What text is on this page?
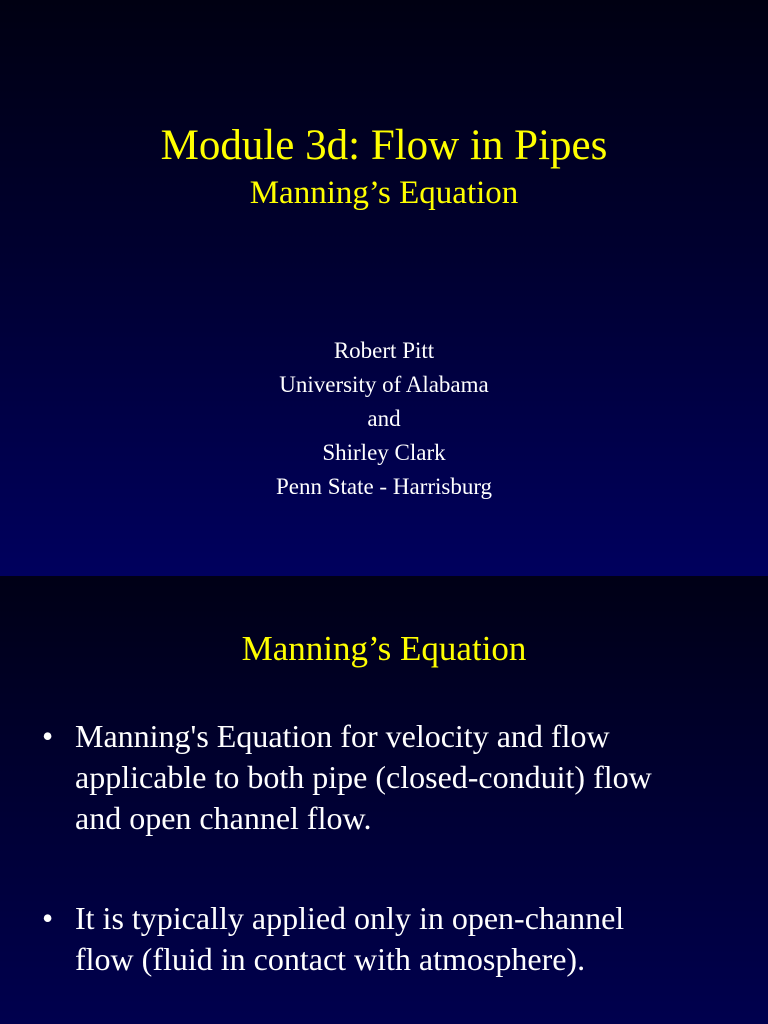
Module 3d: Flow in Pipes
Manning’s Equation
Robert Pitt
University of Alabama
and
Shirley Clark
Penn State - Harrisburg
Manning’s Equation
• Manning's Equation for velocity and flow
applicable to both pipe (closed-conduit) flow
and open channel flow.
• It is typically applied only in open-channel
flow (fluid in contact with atmosphere).
